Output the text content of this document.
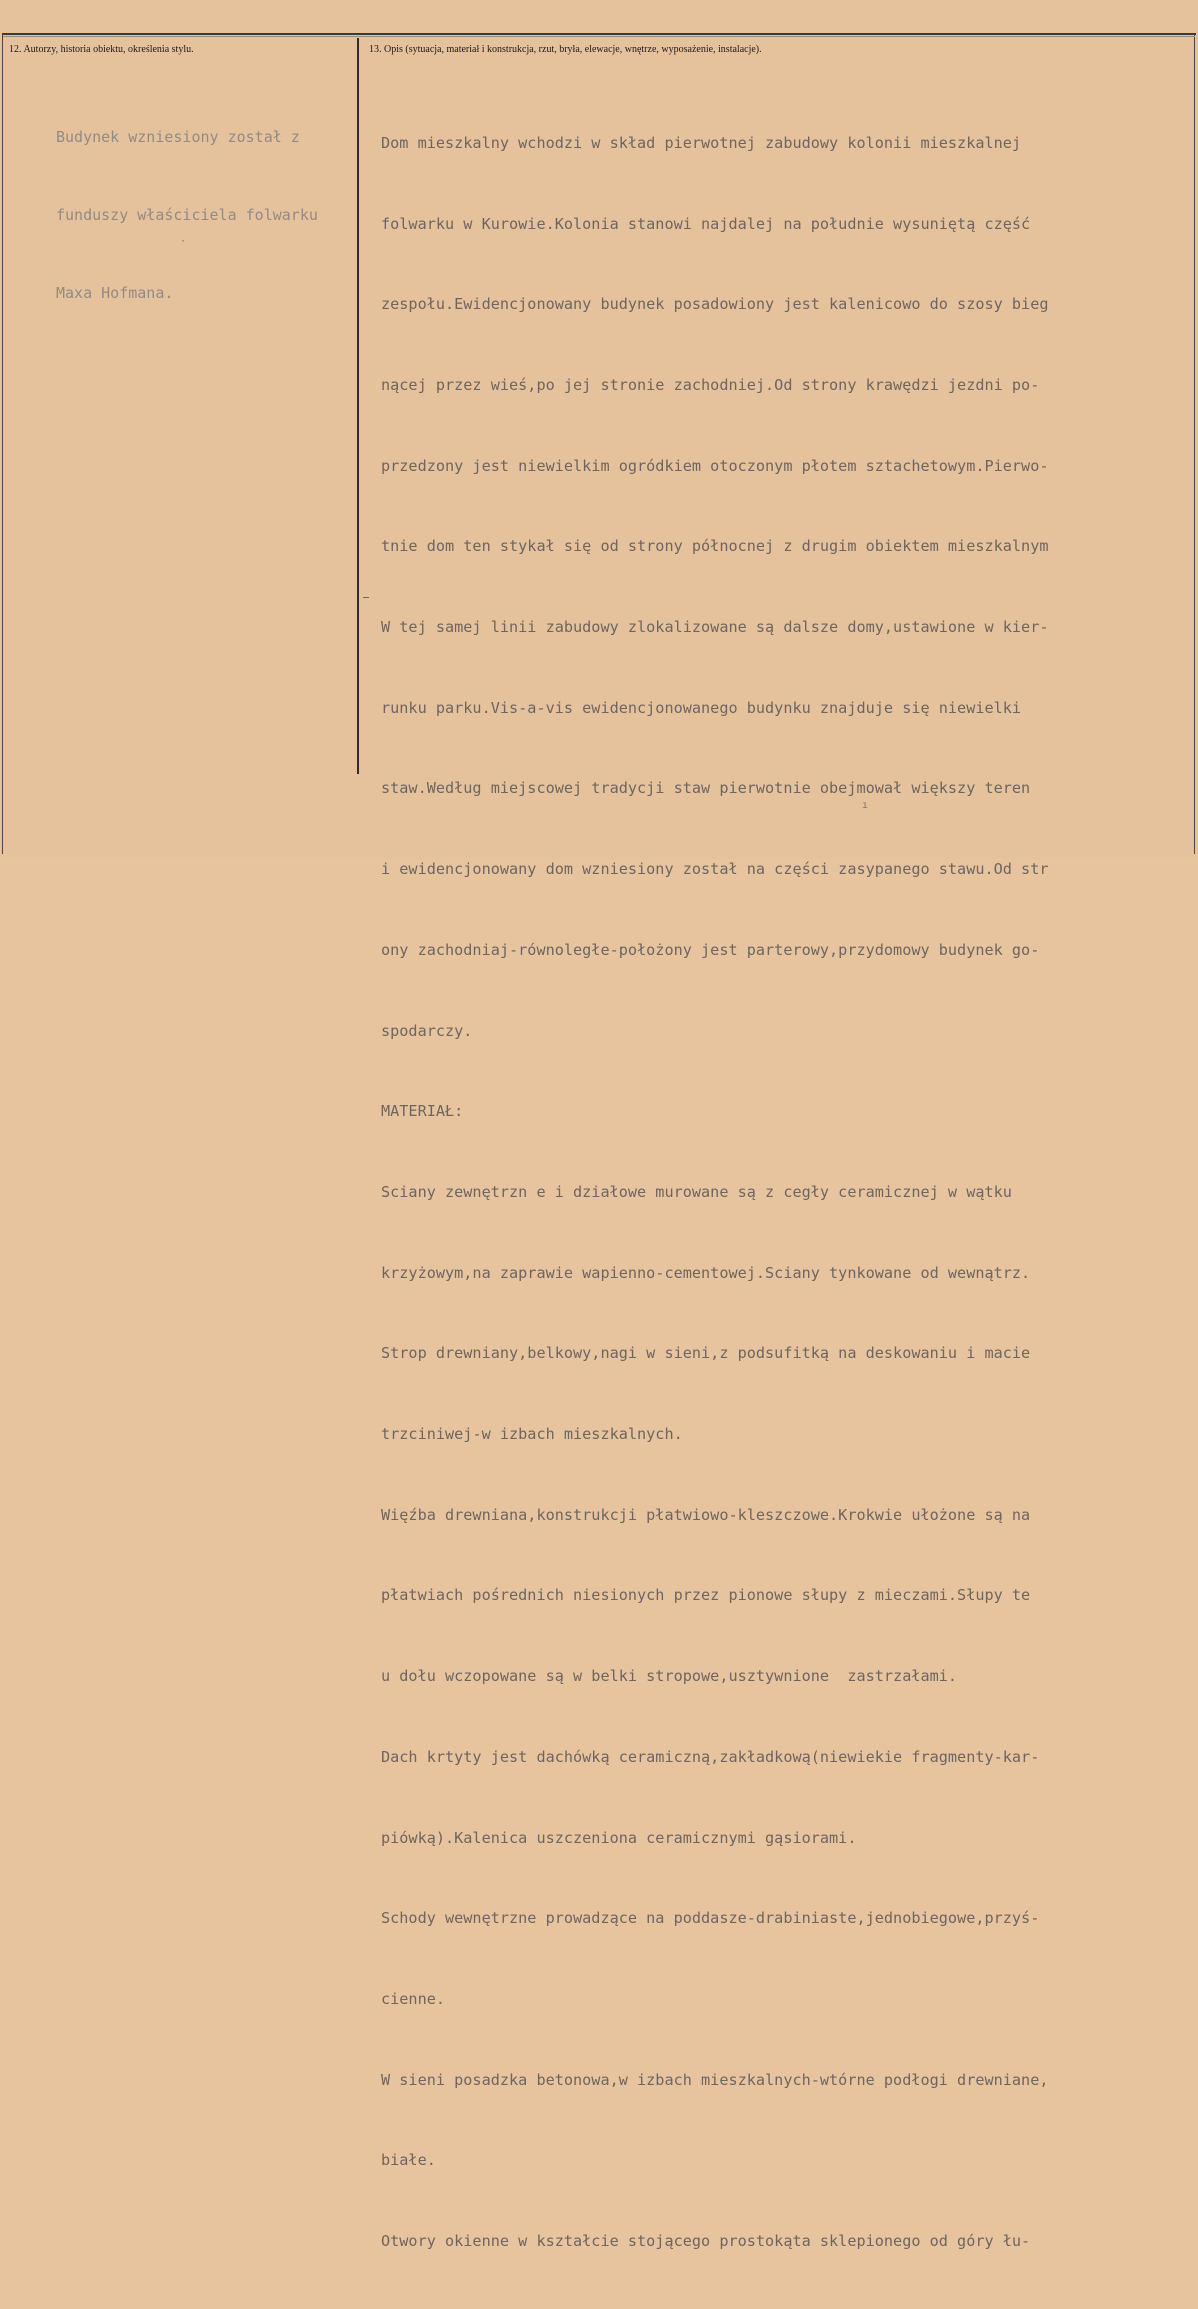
12. Autorzy, historia obiektu, określenia stylu.	13. Opis (sytuacja, materiał i konstrukcja, rzut, bryła, elewacje, wnętrze, wyposażenie, instalacje).

Budynek wzniesiony został z

funduszy właściciela folwarku

Maxa Hofmana.

Dom mieszkalny wchodzi w skład pierwotnej zabudowy kolonii mieszkalnej

folwarku w Kurowie.Kolonia stanowi najdalej na południe wysuniętą część

zespołu.Ewidencjonowany budynek posadowiony jest kalenicowo do szosy bieg

nącej przez wieś,po jej stronie zachodniej.Od strony krawędzi jezdni po-

przedzony jest niewielkim ogródkiem otoczonym płotem sztachetowym.Pierwo-

tnie dom ten stykał się od strony północnej z drugim obiektem mieszkalnym

W tej samej linii zabudowy zlokalizowane są dalsze domy,ustawione w kier-

runku parku.Vis-a-vis ewidencjonowanego budynku znajduje się niewielki

staw.Według miejscowej tradycji staw pierwotnie obejmował większy teren

i ewidencjonowany dom wzniesiony został na części zasypanego stawu.Od str

ony zachodniaj-równoległe-położony jest parterowy,przydomowy budynek go-

spodarczy.

MATERIAŁ:

Sciany zewnętrzn e i działowe murowane są z cegły ceramicznej w wątku

krzyżowym,na zaprawie wapienno-cementowej.Sciany tynkowane od wewnątrz.

Strop drewniany,belkowy,nagi w sieni,z podsufitką na deskowaniu i macie

trzciniwej-w izbach mieszkalnych.

Więźba drewniana,konstrukcji płatwiowo-kleszczowe.Krokwie ułożone są na

płatwiach pośrednich niesionych przez pionowe słupy z mieczami.Słupy te

u dołu wczopowane są w belki stropowe,usztywnione  zastrzałami.

Dach krtyty jest dachówką ceramiczną,zakładkową(niewiekie fragmenty-kar-

piówką).Kalenica uszczeniona ceramicznymi gąsiorami.

Schody wewnętrzne prowadzące na poddasze-drabiniaste,jednobiegowe,przyś-

cienne.

W sieni posadzka betonowa,w izbach mieszkalnych-wtórne podłogi drewniane,

białe.

Otwory okienne w kształcie stojącego prostokąta sklepionego od góry łu-

·
ı
